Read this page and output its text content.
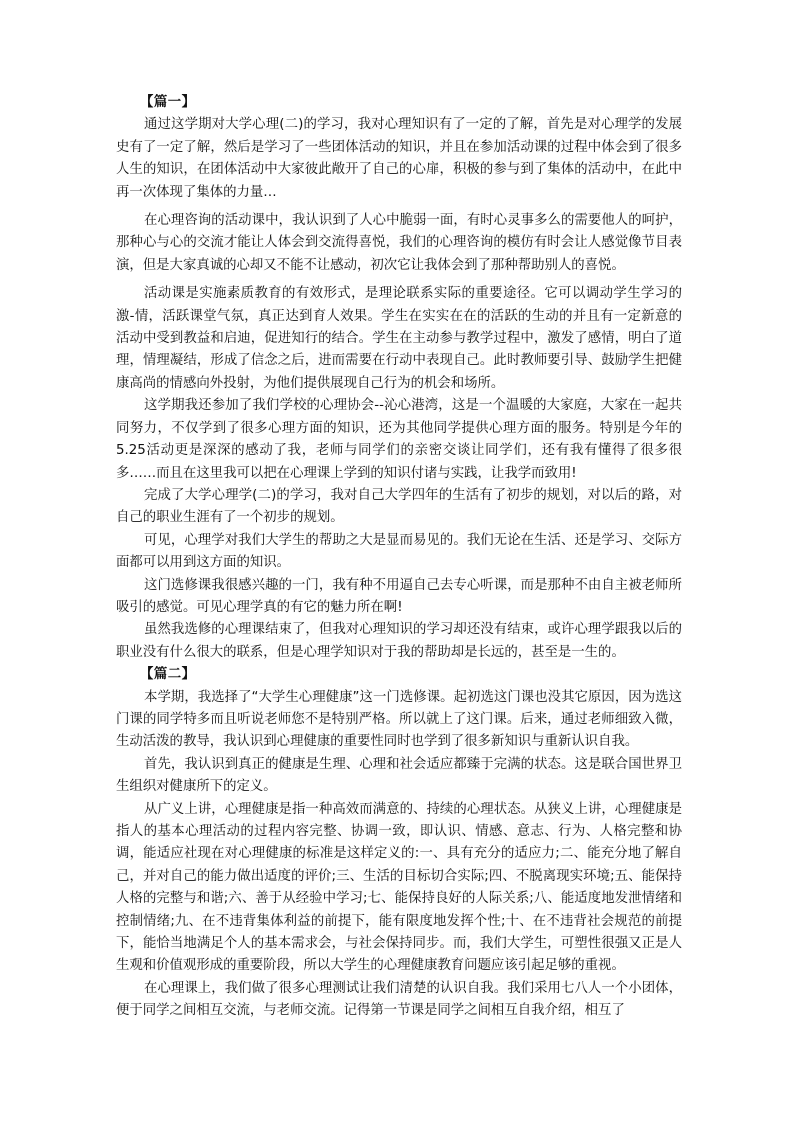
【篇一】

通过这学期对大学心理(二)的学习，我对心理知识有了一定的了解，首先是对心理学的发展史有了一定了解，然后是学习了一些团体活动的知识，并且在参加活动课的过程中体会到了很多人生的知识，在团体活动中大家彼此敞开了自己的心扉，积极的参与到了集体的活动中，在此中再一次体现了集体的力量…

在心理咨询的活动课中，我认识到了人心中脆弱一面，有时心灵事多么的需要他人的呵护，那种心与心的交流才能让人体会到交流得喜悦，我们的心理咨询的模仿有时会让人感觉像节目表演，但是大家真诚的心却又不能不让感动，初次它让我体会到了那种帮助别人的喜悦。

活动课是实施素质教育的有效形式，是理论联系实际的重要途径。它可以调动学生学习的激-情，活跃课堂气氛，真正达到育人效果。学生在实实在在的活跃的生动的并且有一定新意的活动中受到教益和启迪，促进知行的结合。学生在主动参与教学过程中，激发了感情，明白了道理，情理凝结，形成了信念之后，进而需要在行动中表现自己。此时教师要引导、鼓励学生把健康高尚的情感向外投射，为他们提供展现自己行为的机会和场所。

这学期我还参加了我们学校的心理协会--沁心港湾，这是一个温暖的大家庭，大家在一起共同努力，不仅学到了很多心理方面的知识，还为其他同学提供心理方面的服务。特别是今年的5.25活动更是深深的感动了我，老师与同学们的亲密交谈让同学们，还有我有懂得了很多很多……而且在这里我可以把在心理课上学到的知识付诸与实践，让我学而致用!

完成了大学心理学(二)的学习，我对自己大学四年的生活有了初步的规划，对以后的路，对自己的职业生涯有了一个初步的规划。

可见，心理学对我们大学生的帮助之大是显而易见的。我们无论在生活、还是学习、交际方面都可以用到这方面的知识。

这门选修课我很感兴趣的一门，我有种不用逼自己去专心听课，而是那种不由自主被老师所吸引的感觉。可见心理学真的有它的魅力所在啊!

虽然我选修的心理课结束了，但我对心理知识的学习却还没有结束，或许心理学跟我以后的职业没有什么很大的联系，但是心理学知识对于我的帮助却是长远的，甚至是一生的。

【篇二】

本学期，我选择了“大学生心理健康”这一门选修课。起初选这门课也没其它原因，因为选这门课的同学特多而且听说老师您不是特别严格。所以就上了这门课。后来，通过老师细致入微，生动活泼的教导，我认识到心理健康的重要性同时也学到了很多新知识与重新认识自我。

首先，我认识到真正的健康是生理、心理和社会适应都臻于完满的状态。这是联合国世界卫生组织对健康所下的定义。

从广义上讲，心理健康是指一种高效而满意的、持续的心理状态。从狭义上讲，心理健康是指人的基本心理活动的过程内容完整、协调一致，即认识、情感、意志、行为、人格完整和协调，能适应社现在对心理健康的标准是这样定义的:一、具有充分的适应力;二、能充分地了解自己，并对自己的能力做出适度的评价;三、生活的目标切合实际;四、不脱离现实环境;五、能保持人格的完整与和谐;六、善于从经验中学习;七、能保持良好的人际关系;八、能适度地发泄情绪和控制情绪;九、在不违背集体利益的前提下，能有限度地发挥个性;十、在不违背社会规范的前提下，能恰当地满足个人的基本需求会，与社会保持同步。而，我们大学生，可塑性很强又正是人生观和价值观形成的重要阶段，所以大学生的心理健康教育问题应该引起足够的重视。

在心理课上，我们做了很多心理测试让我们清楚的认识自我。我们采用七八人一个小团体，便于同学之间相互交流，与老师交流。记得第一节课是同学之间相互自我介绍，相互了
